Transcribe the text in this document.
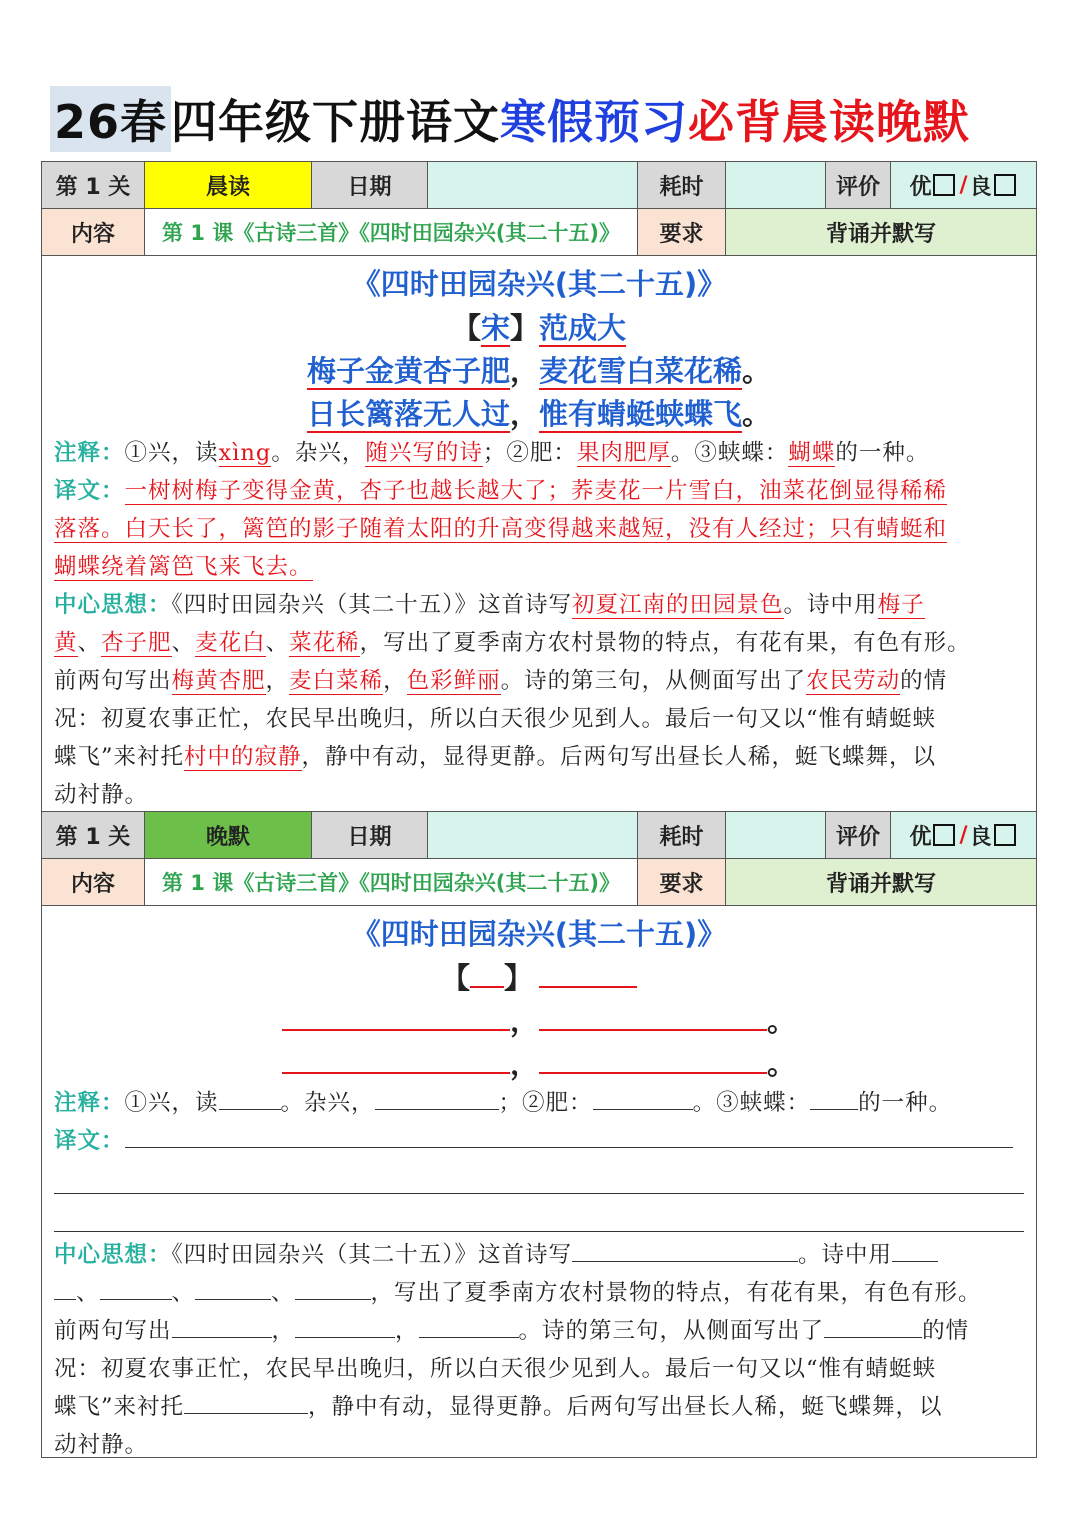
26春 四年级下册语文 寒假预习 必背晨读晚默
第 1 关	晨读	日期	耗时	评价	优 / 良
内容	第 1 课《古诗三首》《四时田园杂兴(其二十五)》	要求	背诵并默写
《四时田园杂兴(其二十五)》
【宋】范成大
梅子金黄杏子肥，麦花雪白菜花稀。
日长篱落无人过，惟有蜻蜓蛱蝶飞。
注释：①兴，读xìng。杂兴，随兴写的诗；②肥：果肉肥厚。③蛱蝶：蝴蝶的一种。
译文：一树树梅子变得金黄，杏子也越长越大了；荞麦花一片雪白，油菜花倒显得稀稀
落落。白天长了，篱笆的影子随着太阳的升高变得越来越短，没有人经过；只有蜻蜓和
蝴蝶绕着篱笆飞来飞去。
中心思想：《四时田园杂兴（其二十五）》这首诗写初夏江南的田园景色。诗中用梅子
黄、杏子肥、麦花白、菜花稀，写出了夏季南方农村景物的特点，有花有果，有色有形。
前两句写出梅黄杏肥，麦白菜稀，色彩鲜丽。诗的第三句，从侧面写出了农民劳动的情
况：初夏农事正忙，农民早出晚归，所以白天很少见到人。最后一句又以“惟有蜻蜓蛱
蝶飞”来衬托村中的寂静，静中有动，显得更静。后两句写出昼长人稀，蜓飞蝶舞，以
动衬静。
第 1 关	晚默	日期	耗时	评价	优 / 良
内容	第 1 课《古诗三首》《四时田园杂兴(其二十五)》	要求	背诵并默写
《四时田园杂兴(其二十五)》
【 】
，	。
，	。
注释：①兴，读	。杂兴，	；②肥：	。③蛱蝶： 的一种。
译文：
中心思想：《四时田园杂兴（其二十五）》这首诗写	。诗中用
、	、	、	，写出了夏季南方农村景物的特点，有花有果，有色有形。
前两句写出	，	，	。诗的第三句，从侧面写出了	的情
况：初夏农事正忙，农民早出晚归，所以白天很少见到人。最后一句又以“惟有蜻蜓蛱
蝶飞”来衬托	，静中有动，显得更静。后两句写出昼长人稀，蜓飞蝶舞，以
动衬静。
